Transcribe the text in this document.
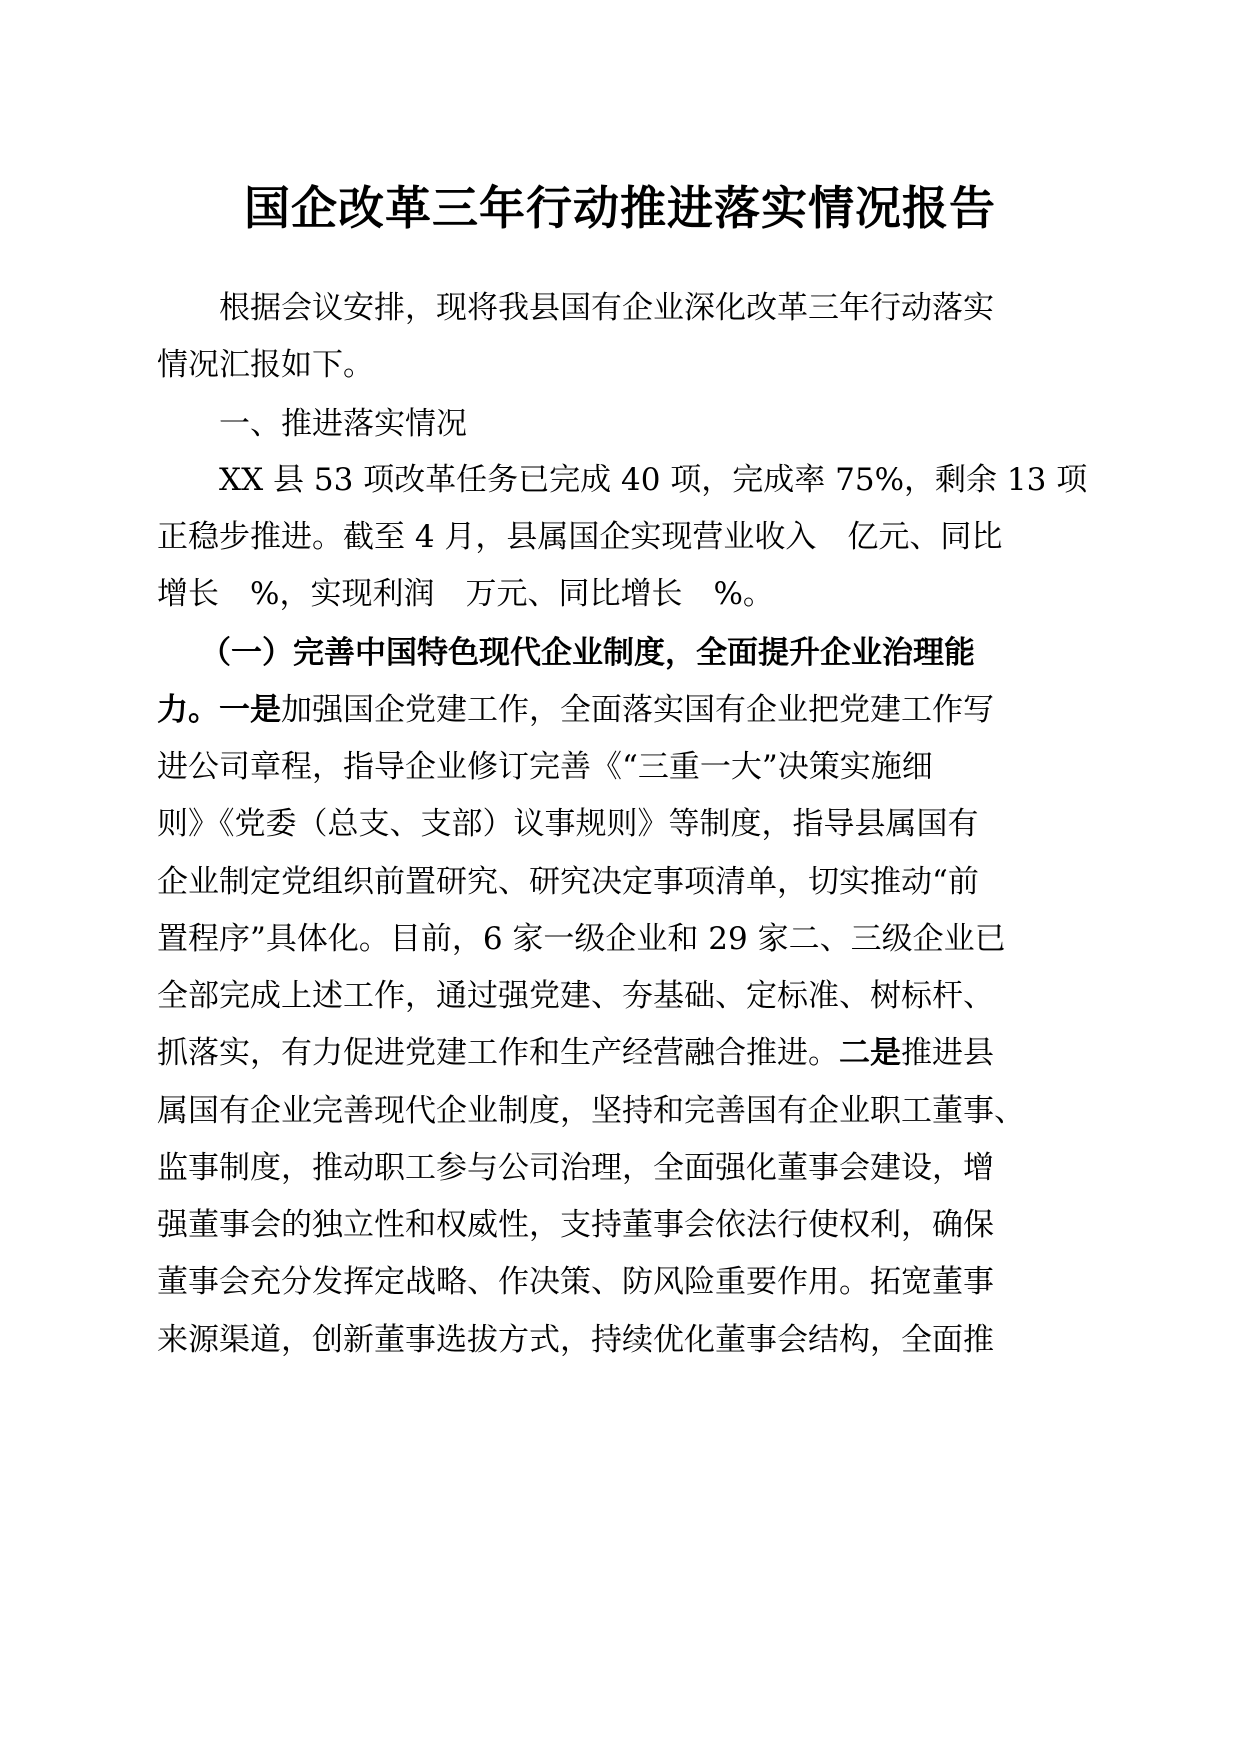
国企改革三年行动推进落实情况报告
根据会议安排，现将我县国有企业深化改革三年行动落实
情况汇报如下。
一、推进落实情况
XX 县 53 项改革任务已完成 40 项，完成率 75%，剩余 13 项
正稳步推进。截至 4 月，县属国企实现营业收入　亿元、同比
增长　%，实现利润　万元、同比增长　%。
（一）完善中国特色现代企业制度，全面提升企业治理能
力。一是加强国企党建工作，全面落实国有企业把党建工作写
进公司章程，指导企业修订完善《“三重一大”决策实施细
则》《党委（总支、支部）议事规则》等制度，指导县属国有
企业制定党组织前置研究、研究决定事项清单，切实推动“前
置程序”具体化。目前，6 家一级企业和 29 家二、三级企业已
全部完成上述工作，通过强党建、夯基础、定标准、树标杆、
抓落实，有力促进党建工作和生产经营融合推进。二是推进县
属国有企业完善现代企业制度，坚持和完善国有企业职工董事、
监事制度，推动职工参与公司治理，全面强化董事会建设，增
强董事会的独立性和权威性，支持董事会依法行使权利，确保
董事会充分发挥定战略、作决策、防风险重要作用。拓宽董事
来源渠道，创新董事选拔方式，持续优化董事会结构，全面推
